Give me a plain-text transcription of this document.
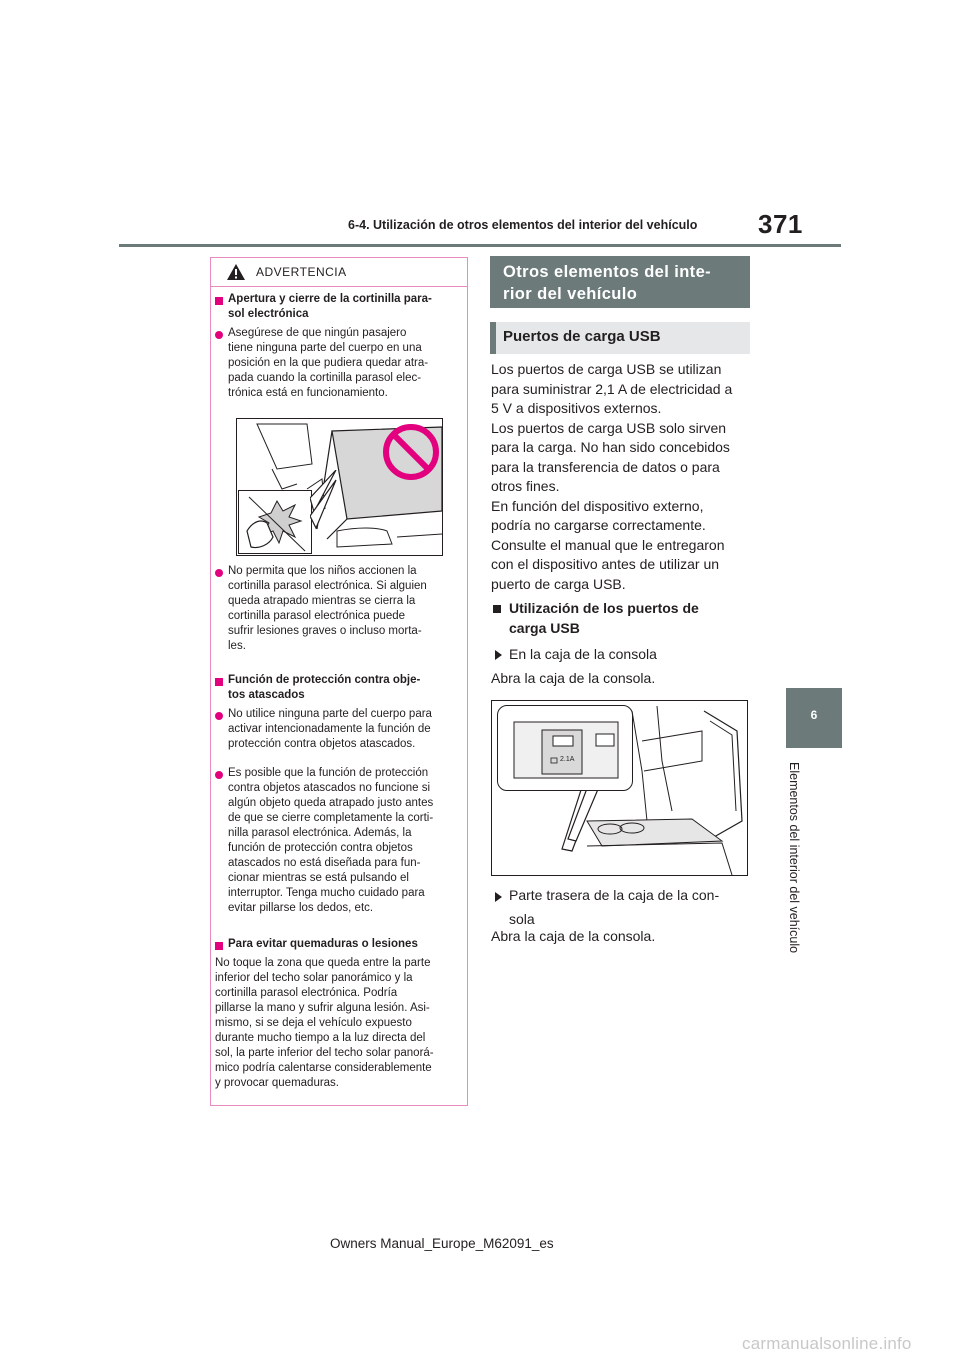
6-4. Utilización de otros elementos del interior del vehículo 371
6
Elementos del interior del vehículo
ADVERTENCIA
Apertura y cierre de la cortinilla para-
sol electrónica
Asegúrese de que ningún pasajero
tiene ninguna parte del cuerpo en una
posición en la que pudiera quedar atra-
pada cuando la cortinilla parasol elec-
trónica está en funcionamiento.
No permita que los niños accionen la
cortinilla parasol electrónica. Si alguien
queda atrapado mientras se cierra la
cortinilla parasol electrónica puede
sufrir lesiones graves o incluso morta-
les.
Función de protección contra obje-
tos atascados
No utilice ninguna parte del cuerpo para
activar intencionadamente la función de
protección contra objetos atascados.
Es posible que la función de protección
contra objetos atascados no funcione si
algún objeto queda atrapado justo antes
de que se cierre completamente la corti-
nilla parasol electrónica. Además, la
función de protección contra objetos
atascados no está diseñada para fun-
cionar mientras se está pulsando el
interruptor. Tenga mucho cuidado para
evitar pillarse los dedos, etc.
Para evitar quemaduras o lesiones
No toque la zona que queda entre la parte
inferior del techo solar panorámico y la
cortinilla parasol electrónica. Podría
pillarse la mano y sufrir alguna lesión. Asi-
mismo, si se deja el vehículo expuesto
durante mucho tiempo a la luz directa del
sol, la parte inferior del techo solar panorá-
mico podría calentarse considerablemente
y provocar quemaduras.
Otros elementos del inte-
rior del vehículo
Puertos de carga USB
Los puertos de carga USB se utilizan
para suministrar 2,1 A de electricidad a
5 V a dispositivos externos.
Los puertos de carga USB solo sirven
para la carga. No han sido concebidos
para la transferencia de datos o para
otros fines.
En función del dispositivo externo,
podría no cargarse correctamente.
Consulte el manual que le entregaron
con el dispositivo antes de utilizar un
puerto de carga USB.
Utilización de los puertos de
carga USB
En la caja de la consola
Abra la caja de la consola.
2.1A
Parte trasera de la caja de la con-
sola
Abra la caja de la consola.
Owners Manual_Europe_M62091_es
carmanualsonline.info
